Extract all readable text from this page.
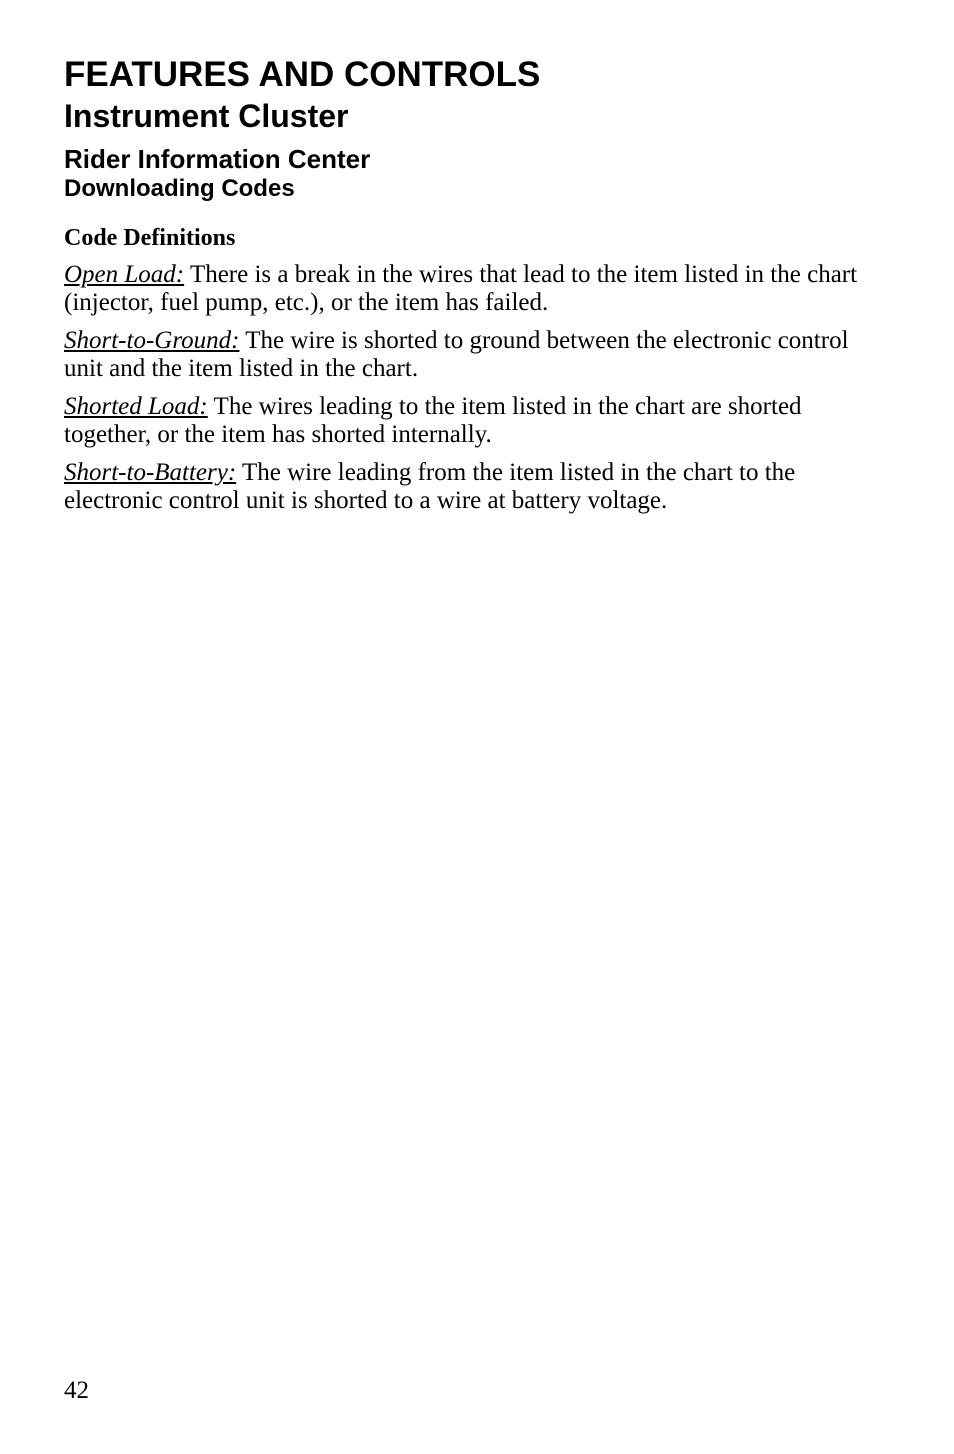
FEATURES AND CONTROLS
Instrument Cluster
Rider Information Center
Downloading Codes
Code Definitions

Open Load: There is a break in the wires that lead to the item listed in the chart (injector, fuel pump, etc.), or the item has failed.

Short-to-Ground: The wire is shorted to ground between the electronic control unit and the item listed in the chart.

Shorted Load: The wires leading to the item listed in the chart are shorted together, or the item has shorted internally.

Short-to-Battery: The wire leading from the item listed in the chart to the electronic control unit is shorted to a wire at battery voltage.

42
